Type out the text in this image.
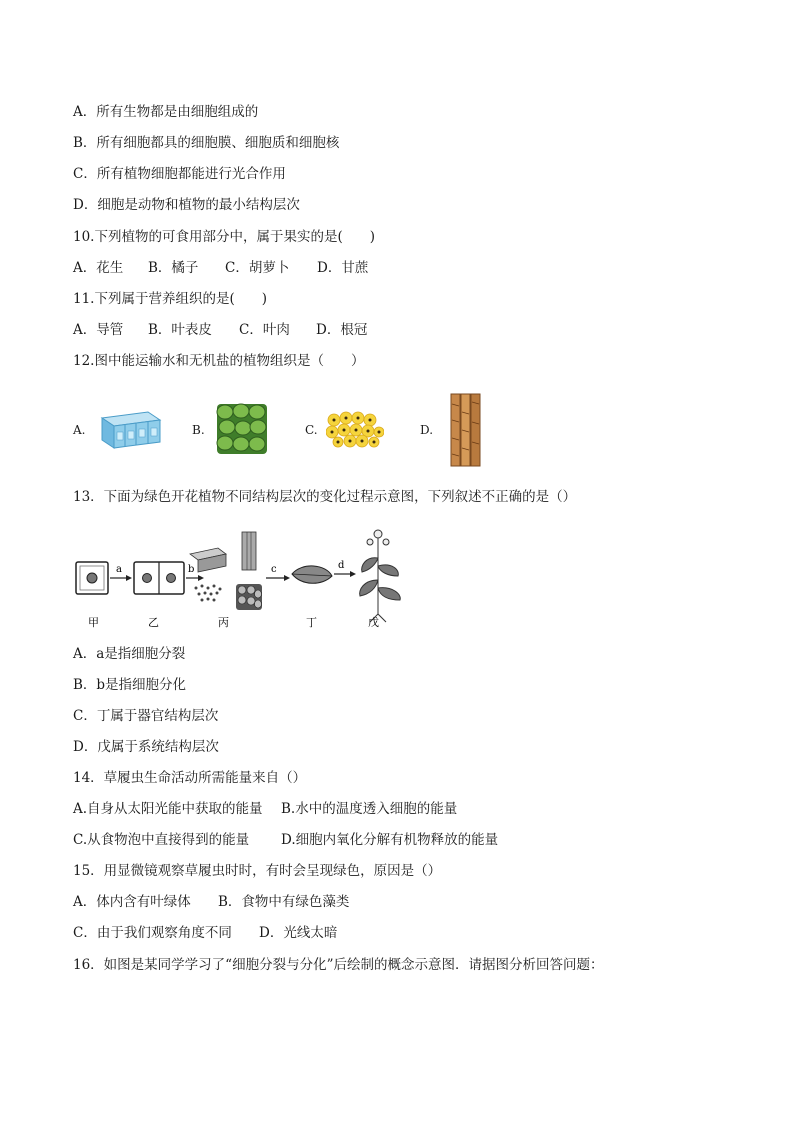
A．所有生物都是由细胞组成的
B．所有细胞都具的细胞膜、细胞质和细胞核
C．所有植物细胞都能进行光合作用
D．细胞是动物和植物的最小结构层次
10.下列植物的可食用部分中，属于果实的是(　　)
A．花生 B．橘子 C．胡萝卜 D．甘蔗
11.下列属于营养组织的是(　　)
A．导管 B．叶表皮 C．叶肉 D．根冠
12.图中能运输水和无机盐的植物组织是（　　）
A.	B.	C.	D.
13．下面为绿色开花植物不同结构层次的变化过程示意图，下列叙述不正确的是（）
a	b	c	d
甲	乙	丙	丁	戊
A．a是指细胞分裂
B．b是指细胞分化
C．丁属于器官结构层次
D．戊属于系统结构层次
14．草履虫生命活动所需能量来自（）
A.自身从太阳光能中获取的能量 B.水中的温度透入细胞的能量
C.从食物泡中直接得到的能量 D.细胞内氧化分解有机物释放的能量
15．用显微镜观察草履虫时时，有时会呈现绿色，原因是（）
A．体内含有叶绿体 B．食物中有绿色藻类
C．由于我们观察角度不同 D．光线太暗
16．如图是某同学学习了“细胞分裂与分化”后绘制的概念示意图．请据图分析回答问题：
